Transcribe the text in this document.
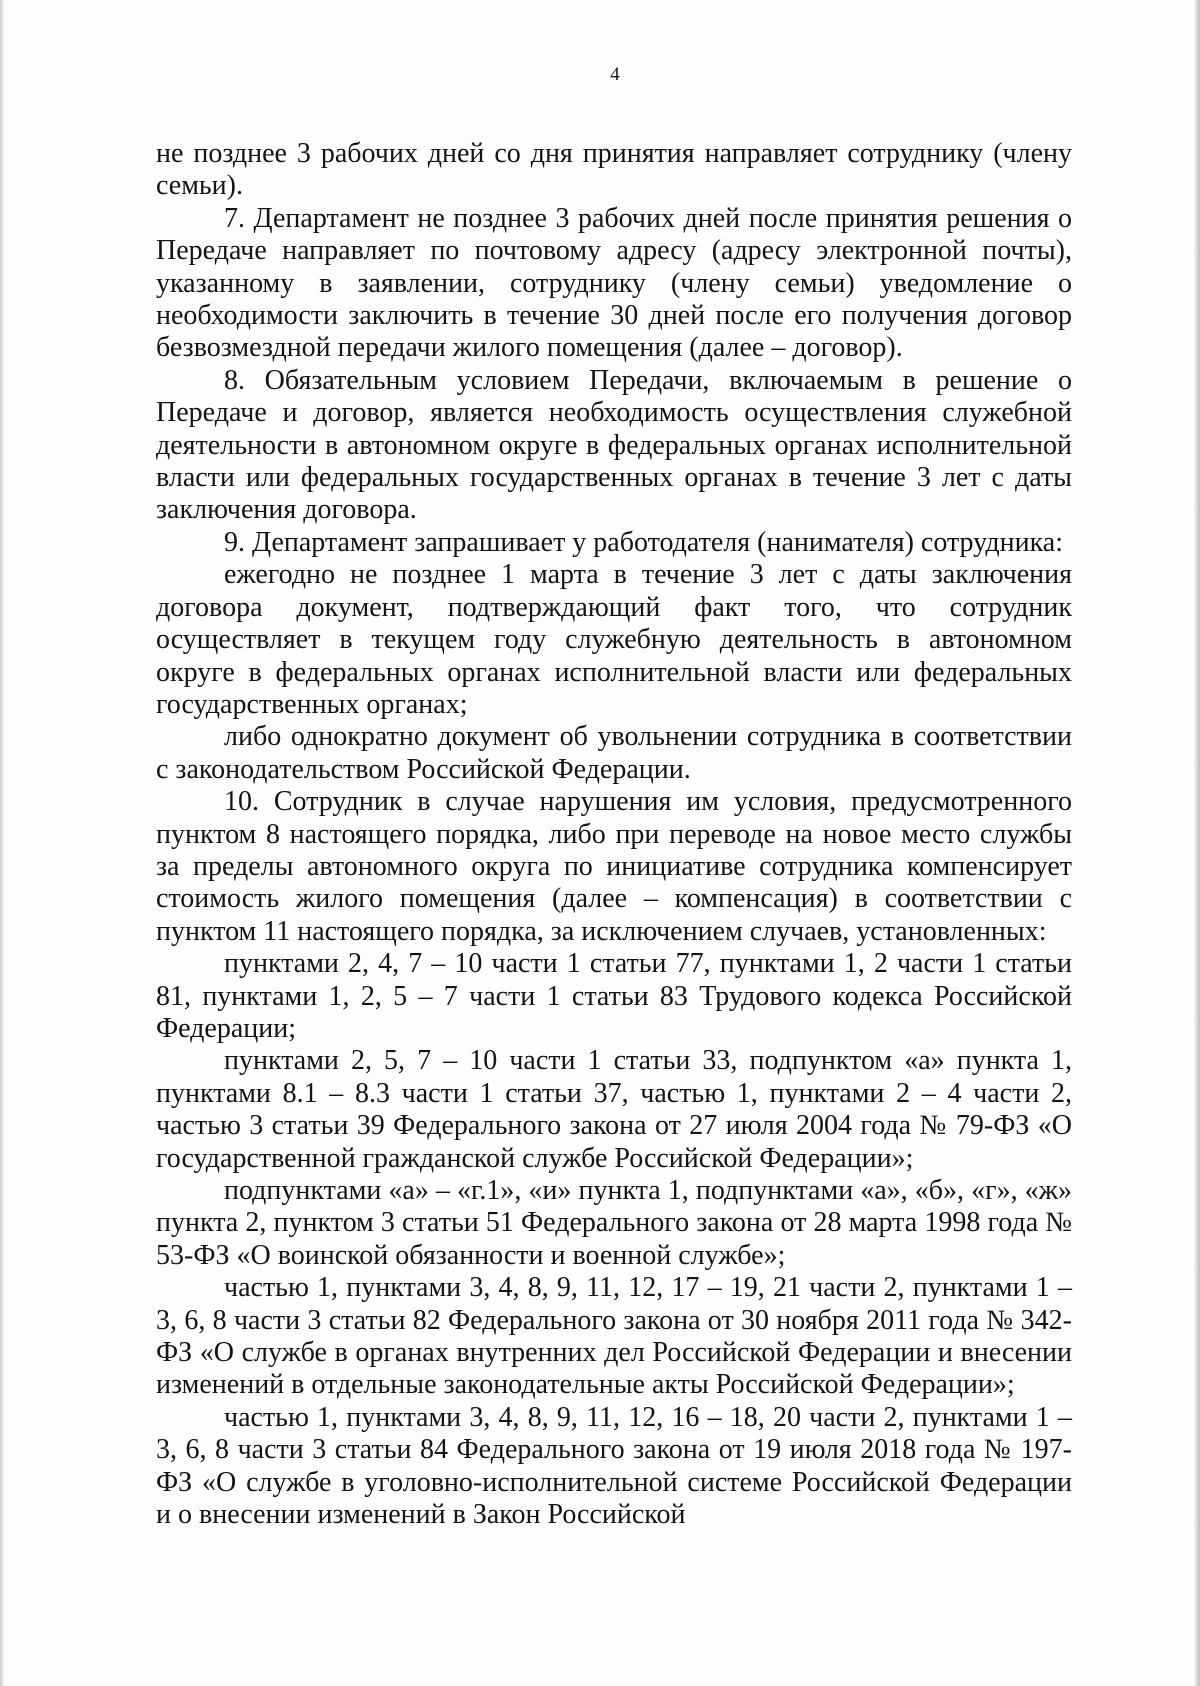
4

не позднее 3 рабочих дней со дня принятия направляет сотруднику (члену семьи).

7. Департамент не позднее 3 рабочих дней после принятия решения о Передаче направляет по почтовому адресу (адресу электронной почты), указанному в заявлении, сотруднику (члену семьи) уведомление о необходимости заключить в течение 30 дней после его получения договор безвозмездной передачи жилого помещения (далее – договор).

8. Обязательным условием Передачи, включаемым в решение о Передаче и договор, является необходимость осуществления служебной деятельности в автономном округе в федеральных органах исполнительной власти или федеральных государственных органах в течение 3 лет с даты заключения договора.

9. Департамент запрашивает у работодателя (нанимателя) сотрудника:

ежегодно не позднее 1 марта в течение 3 лет с даты заключения договора документ, подтверждающий факт того, что сотрудник осуществляет в текущем году служебную деятельность в автономном округе в федеральных органах исполнительной власти или федеральных государственных органах;

либо однократно документ об увольнении сотрудника в соответствии с законодательством Российской Федерации.

10. Сотрудник в случае нарушения им условия, предусмотренного пунктом 8 настоящего порядка, либо при переводе на новое место службы за пределы автономного округа по инициативе сотрудника компенсирует стоимость жилого помещения (далее – компенсация) в соответствии с пунктом 11 настоящего порядка, за исключением случаев, установленных:

пунктами 2, 4, 7 – 10 части 1 статьи 77, пунктами 1, 2 части 1 статьи 81, пунктами 1, 2, 5 – 7 части 1 статьи 83 Трудового кодекса Российской Федерации;

пунктами 2, 5, 7 – 10 части 1 статьи 33, подпунктом «а» пункта 1, пунктами 8.1 – 8.3 части 1 статьи 37, частью 1, пунктами 2 – 4 части 2, частью 3 статьи 39 Федерального закона от 27 июля 2004 года № 79-ФЗ «О государственной гражданской службе Российской Федерации»;

подпунктами «а» – «г.1», «и» пункта 1, подпунктами «а», «б», «г», «ж» пункта 2, пунктом 3 статьи 51 Федерального закона от 28 марта 1998 года № 53-ФЗ «О воинской обязанности и военной службе»;

частью 1, пунктами 3, 4, 8, 9, 11, 12, 17 – 19, 21 части 2, пунктами 1 – 3, 6, 8 части 3 статьи 82 Федерального закона от 30 ноября 2011 года № 342-ФЗ «О службе в органах внутренних дел Российской Федерации и внесении изменений в отдельные законодательные акты Российской Федерации»;

частью 1, пунктами 3, 4, 8, 9, 11, 12, 16 – 18, 20 части 2, пунктами 1 – 3, 6, 8 части 3 статьи 84 Федерального закона от 19 июля 2018 года № 197-ФЗ «О службе в уголовно-исполнительной системе Российской Федерации и о внесении изменений в Закон Российской
